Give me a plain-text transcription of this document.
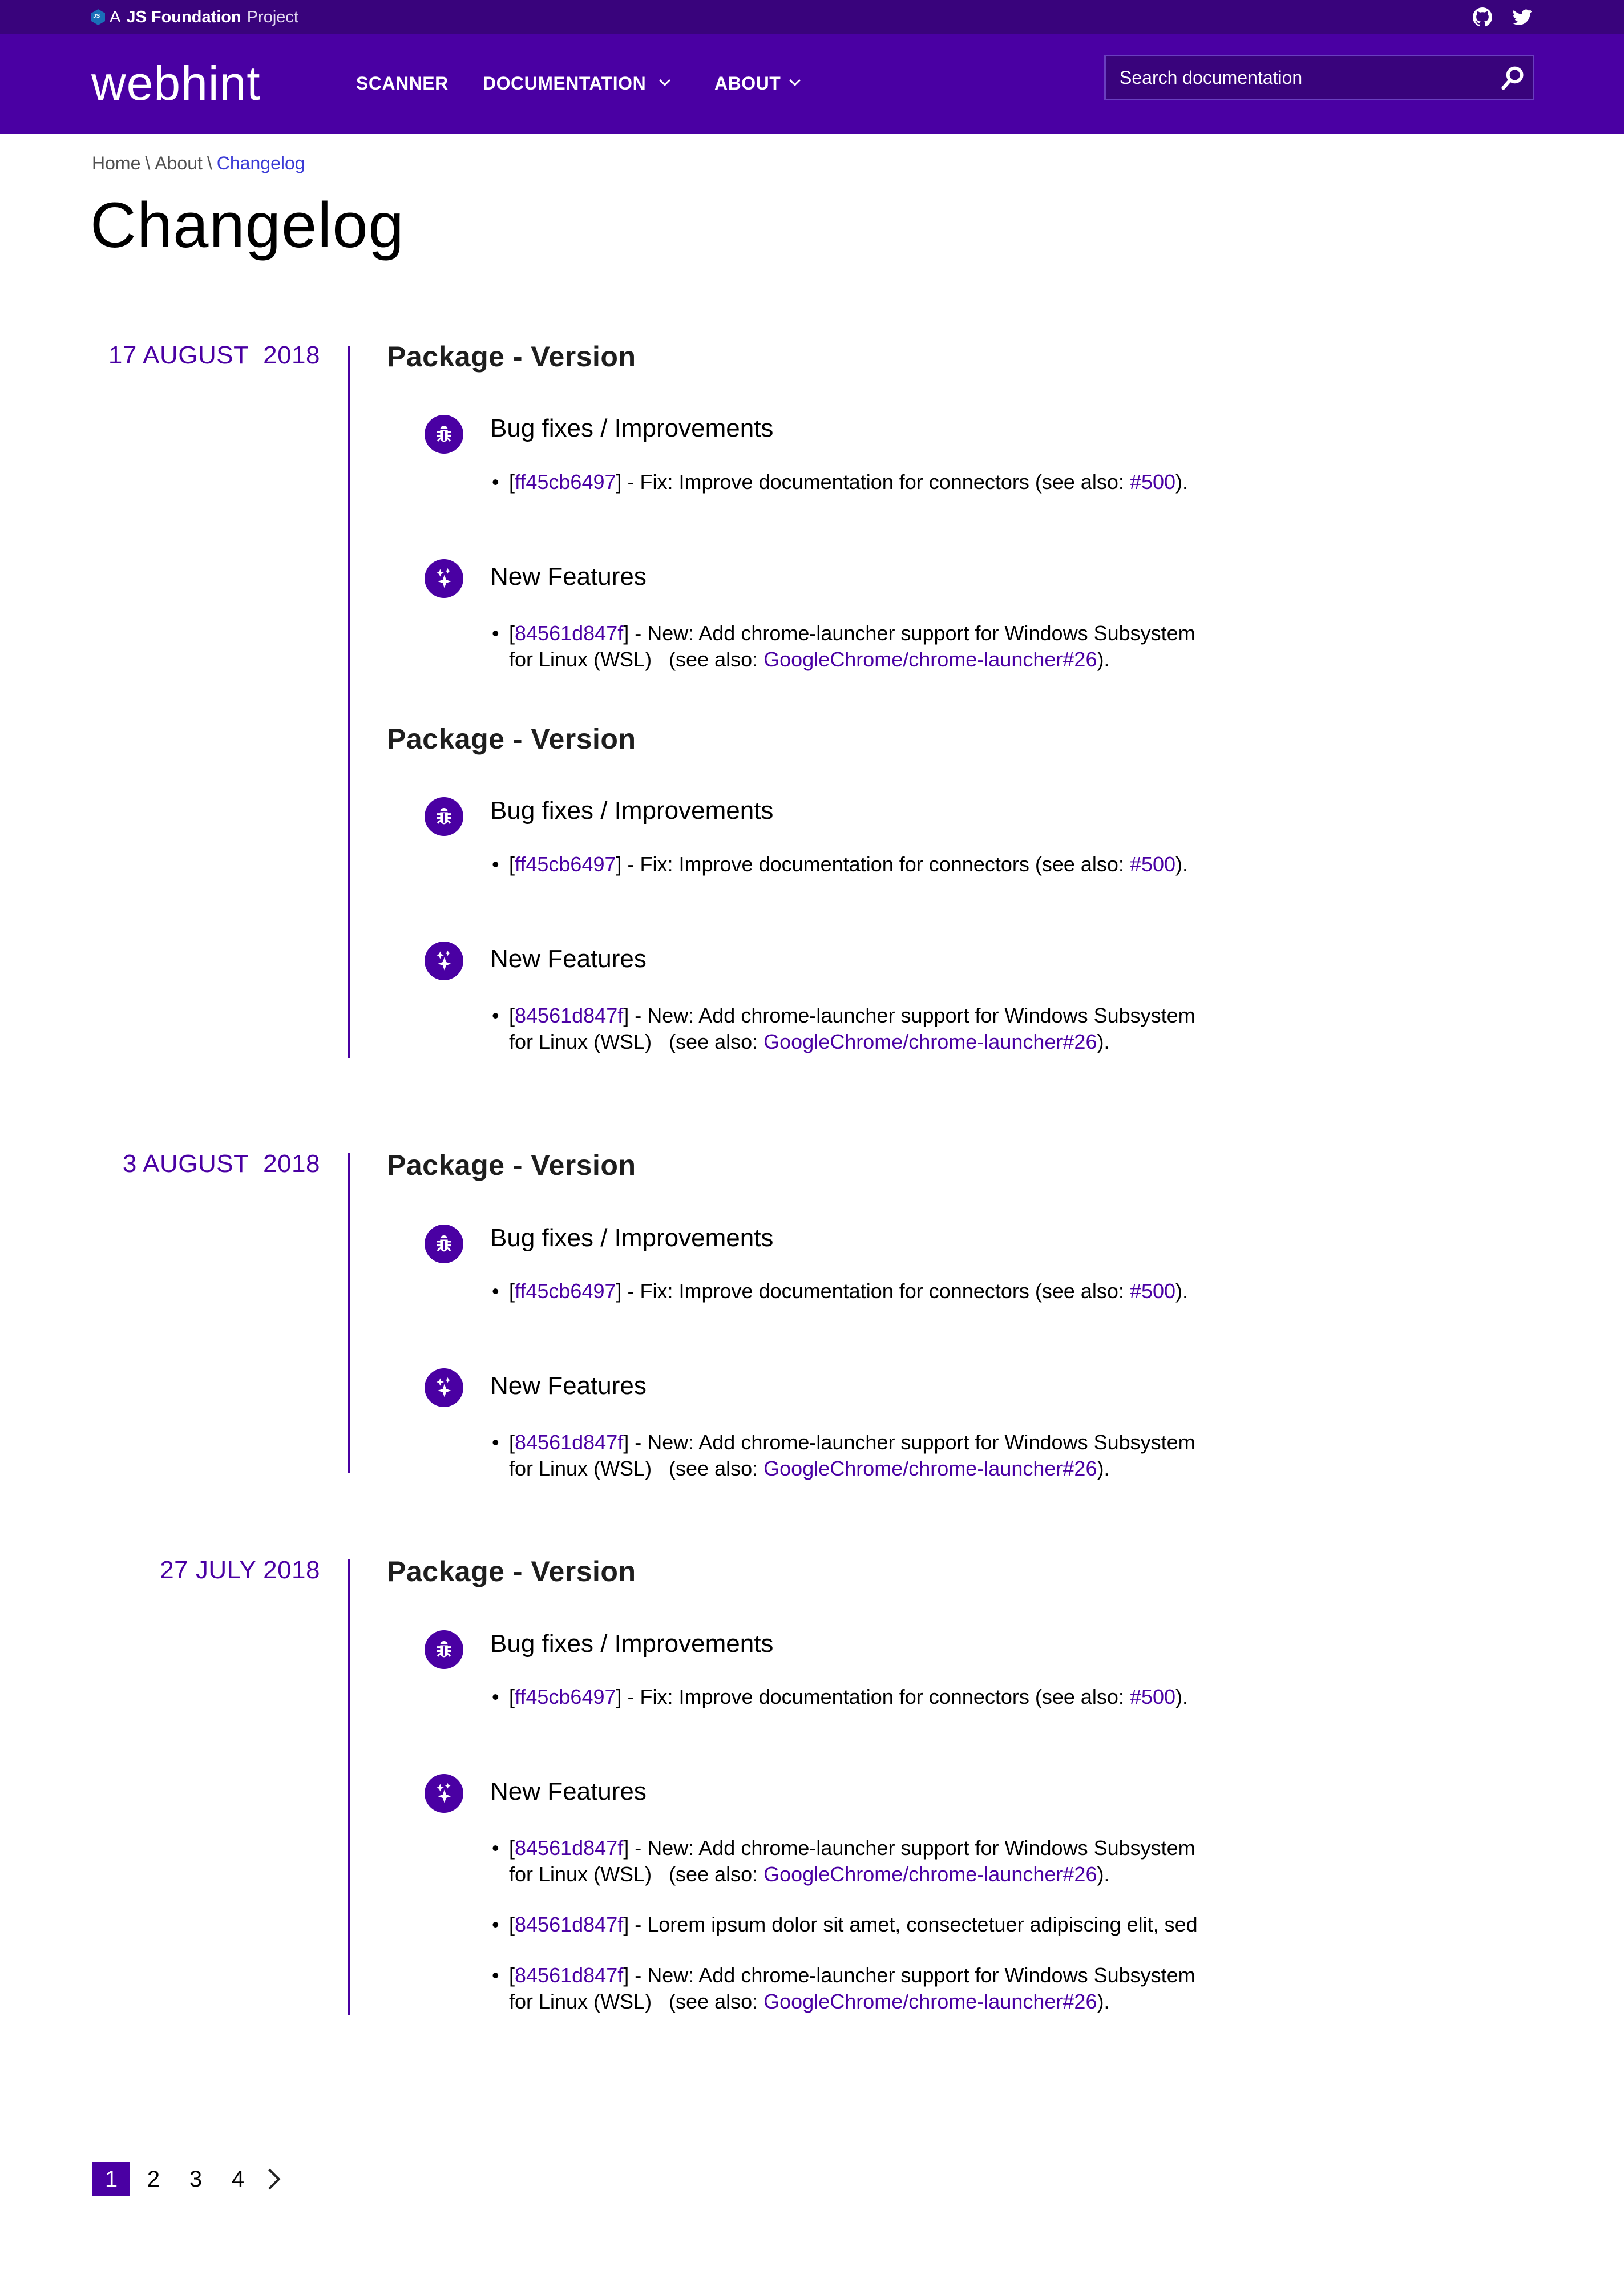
JS
A JS Foundation Project
webhint	SCANNER DOCUMENTATION	ABOUT
Search documentation
Home \ About \ Changelog
Changelog
17 AUGUST  2018 Package - Version
Bug fixes / Improvements
• [ff45cb6497] - Fix: Improve documentation for connectors (see also: #500).
New Features
• [84561d847f] - New: Add chrome-launcher support for Windows Subsystem
for Linux (WSL)   (see also: GoogleChrome/chrome-launcher#26).
Package - Version
Bug fixes / Improvements
• [ff45cb6497] - Fix: Improve documentation for connectors (see also: #500).
New Features
• [84561d847f] - New: Add chrome-launcher support for Windows Subsystem
for Linux (WSL)   (see also: GoogleChrome/chrome-launcher#26).
3 AUGUST  2018 Package - Version
Bug fixes / Improvements
• [ff45cb6497] - Fix: Improve documentation for connectors (see also: #500).
New Features
• [84561d847f] - New: Add chrome-launcher support for Windows Subsystem
for Linux (WSL)   (see also: GoogleChrome/chrome-launcher#26).
27 JULY 2018 Package - Version
Bug fixes / Improvements
• [ff45cb6497] - Fix: Improve documentation for connectors (see also: #500).
New Features
• [84561d847f] - New: Add chrome-launcher support for Windows Subsystem
for Linux (WSL)   (see also: GoogleChrome/chrome-launcher#26).
• [84561d847f] - Lorem ipsum dolor sit amet, consectetuer adipiscing elit, sed
• [84561d847f] - New: Add chrome-launcher support for Windows Subsystem
for Linux (WSL)   (see also: GoogleChrome/chrome-launcher#26).
1	2	3	4
